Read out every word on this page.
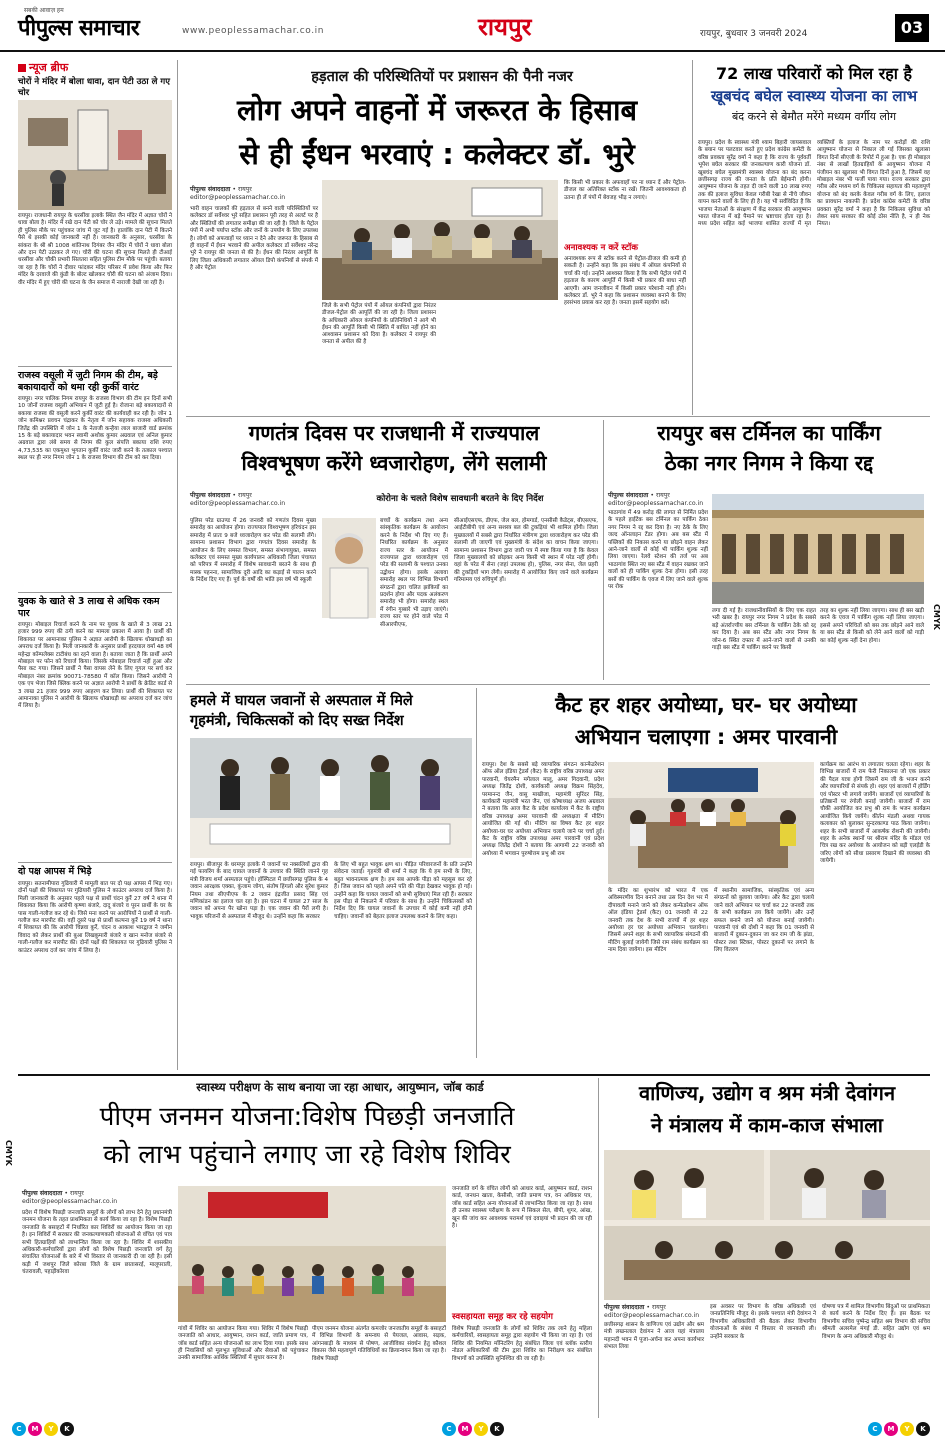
सबकी आवाज़ हम
पीपुल्स समाचार	www.peoplessamachar.co.in	रायपुर	रायपुर, बुधवार 3 जनवरी 2024	03
न्यूज ब्रीफ
चोरों ने मंदिर में बोला धावा, दान पेटी उठा ले गए चोर
रायपुर। राजधानी रायपुर के धरसींवा इलाके स्थित जैन मंदिर में अज्ञात चोरों ने धावा बोला है। मंदिर में रखे दान पेटी को चोर ले उड़े। मामले की सूचना मिलते ही पुलिस मौके पर पहुंचकर जांच में जुट गई है। हालांकि दान पेटी में कितने पैसे थे इसकी कोई जानकारी नहीं है। जानकारी के अनुसार, धरसींवा के सांकरा के श्री श्री 1008 शांतिनाथ दिगंबर जैन मंदिर में चोरों ने धावा बोला और दान पेटी उठाकर ले गए। चोरी की घटना की सूचना मिलते ही टीआई धरसींवा और चौकी प्रभारी सिलतरा सहित पुलिस टीम मौके पर पहुंची। बताया जा रहा है कि चोरों ने दीवार फांदकर मंदिर परिसर में प्रवेश किया और फिर मंदिर के दरवाजे की कुंडी के बोल्ट खोलकर चोरी की घटना को अंजाम दिया। वीर मंदिर में हुए चोरी की घटना के जैन समाज में नाराजी देखी जा रही है।
राजस्व वसूली में जुटी निगम की टीम, बड़े बकायादारों को थमा रही कुर्की वारंट
रायपुर। नगर पालिक निगम रायपुर के राजस्व विभाग की टीम इन दिनों सभी 10 जोनों राजस्व वसूली अभियान में जुटी हुई है। रोजाना बड़े बकायादारों से बकाया राजस्व की वसूली करने कुर्की वारंट की कार्यवाही कर रही है। जोन 1 जोन कमिश्नर प्रवचन चंद्राकर के नेतृत्व में जोन सहायक राजस्व अधिकारी जितेंद्र की उपस्थिति में जोन 1 के नेताजी कन्हैया लाल बाजारी वार्ड क्रमांक 15 के बड़े बकायादार भवन स्वामी अशोक कुमार अग्रवाल एवं अनिल कुमार अग्रवाल द्वारा लंबे समय से निगम की कुल संपत्ति बकाया राशि रुपए 4,73,535 का एकमुश्त भुगतान कुर्की वारंट जारी करने के तत्काल पश्चात स्थल पर ही नगर निगम जोन 1 के राजस्व विभाग की टीम को कर दिया।
युवक के खाते से 3 लाख से अधिक रकम पार
रायपुर। मोबाइल रिचार्ज करने के नाम पर युवक के खाते से 3 लाख 21 हजार 999 रुपए की ठगी करने का मामला प्रकाश में आया है। प्रार्थी की शिकायत पर आमानाका पुलिस ने अज्ञात आरोपी के खिलाफ धोखाधड़ी का अपराध दर्ज किया है। मिली जानकारी के अनुसार प्रार्थी हरदयाल वर्मा 48 वर्ष महेन्द्रा कॉम्पलेक्स टाटीबंध का रहने वाला है। बताया जाता है कि प्रार्थी अपने मोबाइल पर फोन को रिचार्ज किया। जिसके मोबाइल रिचार्ज नहीं हुआ और पैसा कट गया। जिसने प्रार्थी ने पैसा वापस लेने के लिए गूगल पर सर्च कर मोबाइल नंबर क्रमांक 90071-78580 में कॉल किया। जिसने आरोपी ने एक एप भेजा जिसे क्लिक करने पर अज्ञात आरोपी ने प्रार्थी के क्रेडिट कार्ड से 3 लाख 21 हजार 999 रुपए आहरण कर लिया। प्रार्थी की शिकायत पर आमानाका पुलिस ने आरोपी के खिलाफ धोखाधड़ी का अपराध दर्ज कर जांच में लिया है।
दो पक्ष आपस में भिड़े
रायपुर। सतनामीपारा गुढियारी में मामूली बात पर दो पक्ष आपस में भिड़ गए। दोनों पक्षों की शिकायत पर गुढियारी पुलिस ने काउंटर अपराध दर्ज किया है। मिली जानकारी के अनुसार पहले पक्ष से प्रार्थी चंदन कुर्रे 27 वर्ष ने थाना में शिकायत किया कि आरोपी कृष्णा बंजारे, दादू बंजारे व पूरन प्रार्थी के घर के पास गाली-गलौज कर रहे थे। जिसे मना करने पर आरोपियों ने प्रार्थी से गाली-गलौज कर मारपीट की। वहीं दूसरे पक्ष से प्रार्थी कल्पना कुर्रे 19 वर्ष ने थाना में शिकायत की कि आरोपी चिन्नवा कुर्रे, चंदन व आकाश भारद्वाज ने जमीन विवाद को लेकर प्रार्थी की बुआ लिखकुमारी बंजारे व खान मनोज बंजारे से गाली-गलौज कर मारपीट की। दोनों पक्षों की शिकायत पर गुढियारी पुलिस ने काउंटर अपराध दर्ज कर जांच में लिया है।
हड़ताल की परिस्थितियों पर प्रशासन की पैनी नजर
लोग अपने वाहनों में जरूरत के हिसाब
से ही ईंधन भरवाएं : कलेक्टर डॉ. भुरे
पीपुल्स संवाददाता • रायपुर
editor@peoplessamachar.co.in
भारी वाहन चालकों की हड़ताल से बनने वाली परिस्थितियों पर कलेक्टर डॉ सर्वेश्वर भुरे सहित प्रशासन पूरी तरह से अलर्ट पर है और स्थितियों की लगातार समीक्षा की जा रही है। जिले के पेट्रोल पंपों में अभी पर्याप्त स्टॉक और जनों के उपयोग के लिए उपलब्ध है। लोगों को अफवाहों पर ध्यान न देने और जरूरत के हिसाब से ही वाहनों में ईंधन भरवाने की अपील कलेक्टर डॉ सर्वेश्वर नरेन्द्र भुरे ने रायपुर की जनता से की है। ईंधन की निरंतर आपूर्ति के लिए जिला अधिकारी लगातार ऑयल डिपो कंपनियों से संपर्क में है और पेट्रोल
जिले के सभी पेट्रोल पंपों में ऑयल कंपनियों द्वारा निरंतर डीजल-पेट्रोल की आपूर्ति की जा रही है। जिला प्रशासन के अधिकारी ऑयल कंपनियों के प्रतिनिधियों ने आगे भी ईंधन की आपूर्ति किसी भी स्थिति में बाधित नहीं होने का आश्वासन प्रशासन को दिया है। कलेक्टर ने रायपुर की जनता से अपील की है
कि किसी भी प्रकार के अफवाहों पर ना ध्यान दें और पेट्रोल-डीजल का अतिरिक्त स्टॉक ना रखें। जितनी आवश्यकता हो उतना ही लें पंपों में बेवजह भीड़ न लगाएं।
अनावश्यक न करें स्टॉक
अनावश्यक रूप से स्टॉक करने से पेट्रोल-डीजल की कमी हो सकती है। उन्होंने कहा कि इस संबंध में ऑयल कंपनियों से चर्चा की गई। उन्होंने आश्वस्त किया है कि सभी पेट्रोल पंपों में हड़ताल के कारण आपूर्ति में किसी भी प्रकार की बाधा नहीं आएगी। आम जनजीवन में किसी प्रकार परेशानी नहीं होने। कलेक्टर डॉ. भुरे ने कहा कि प्रशासन व्यवस्था बनाने के लिए हरसंभव प्रयास कर रहा है। जनता इसमें सहयोग करें।
72 लाख परिवारों को मिल रहा है
खूबचंद बघेल स्वास्थ्य योजना का लाभ
बंद करने से बेमौत मरेंगे मध्यम वर्गीय लोग
रायपुर। प्रदेश के स्वास्थ्य मंत्री श्याम बिहारी जायसवाल के बयान पर पलटवार करते हुए प्रदेश कांग्रेस कमेटी के वरिष्ठ प्रवक्ता सुरेंद्र वर्मा ने कहा है कि राज्य के पूर्ववर्ती भूपेश बघेल सरकार की जनकल्याण कारी योजना डॉ. खूबचंद बघेल मुख्यमंत्री स्वास्थ्य योजना का बंद करना छत्तीसगढ़ राज्य की जनता के प्रति बेईमानी होगी। आयुष्मान योजना के तहत दी जाने वाली 10 लाख रुपए तक की इलाज सुविधा केवल गरीबी रेखा से नीचे जीवन यापन करने वालों के लिए ही है। यह भी सर्वविदित है कि भाजपा नेताओं के संरक्षण में केंद्र सरकार की आयुष्मान भारत योजना में बड़े पैमाने पर भ्रष्टाचार होता रहा है। मध्य प्रदेश सहित कई भाजपा शासित राज्यों में मृत व्यक्तियों के इलाज के नाम पर करोड़ों की राशि आयुष्मान योजना से निकाल ली गई जिसका खुलासा विगत दिनों सीएजी के रिपोर्ट में हुआ है। एक ही मोबाइल नंबर से लाखों हितग्राहियों के आयुष्मान योजना में पंजीयन का खुलासा भी विगत दिनों हुआ है, जिसमें वह मोबाइल नंबर भी फर्जी पाया गया। राज्य सरकार द्वारा गरीब और मध्यम वर्ग के चिकित्सा सहायता की महत्वपूर्ण योजना को बंद करके केवल गरीब वर्ग के लिए, इलाज का प्रावधान नाकाफी है। प्रदेश कांग्रेस कमेटी के वरिष्ठ प्रवक्ता सुरेंद्र वर्मा ने कहा है कि निकित्सा सुविधा को लेकर साय सरकार की कोई ठोस नीति है, न ही नेक नियत।
गणतंत्र दिवस पर राजधानी में राज्यपाल
विश्वभूषण करेंगे ध्वजारोहण, लेंगे सलामी
पीपुल्स संवाददाता • रायपुर
editor@peoplessamachar.co.in	कोरोना के चलते विशेष सावधानी बरतने के दिए निर्देश
पुलिस परेड ग्राउण्ड में 26 जनवरी को गणतंत्र दिवस मुख्य समारोह का आयोजन होगा। राज्यपाल विश्वभूषण हरिचंदन इस समारोह में प्रातः 9 बजे ध्वजारोहण कर परेड की सलामी लेंगे। सामान्य प्रशासन विभाग द्वारा गणतंत्र दिवस समारोह के आयोजन के लिए समस्त विभाग, समस्त संभागायुक्त, समस्त कलेक्टर एवं समस्त मुख्य कार्यपालन अधिकारी जिला पंचायत को परिपत्र में समारोह में विशेष सावधानी बरतने के साथ ही मास्क पहनना, सामाजिक दूरी आदि का कड़ाई से पालन करने के निर्देश दिए गए हैं। पूर्व के वर्षों की भांति इस वर्ष भी स्कूली
बच्चों के कार्यक्रम तथा अन्य सांस्कृतिक कार्यक्रम के आयोजन करने के निर्देश भी दिए गए हैं। निर्धारित कार्यक्रम के अनुसार राज्य स्तर के आयोजन में राज्यपाल द्वारा ध्वजारोहण एवं परेड की सलामी के पश्चात उनका उद्बोधन होगा। इसके अलावा समारोह स्थल पर विभिन्न विभागों संगठनों द्वारा चलित झांकियों का प्रदर्शन होगा और पदक अलंकरण समारोह भी होगा। समारोह स्थल में रंगीन गुब्बारे भी उड़ाए जाएंगे। राज्य स्तर पर होने वाले परेड में सीआरपीएफ,
सीआईएसएफ, डीएफ, जेल बल, होमगार्ड, एनसीसी कैडेट्स, बीएसएफ, आईटीबीपी एवं अन्य सशस्त्र बल की टुकड़ियां भी शामिल होंगी। जिला मुख्यालयों में सबसे द्वारा निर्धारित मंत्रीगण द्वारा ध्वजारोहण कर परेड की सलामी ली जाएगी एवं मुख्यमंत्री के संदेश का वाचन किया जाएगा। सामान्य प्रशासन विभाग द्वारा जारी पत्र में स्पष्ट किया गया है कि केवल जिला मुख्यालयों को छोड़कर अन्य किसी भी स्थान में परेड नहीं होगी। वहां के परेड में सेना (जहां उपलब्ध हो), पुलिस, नगर सेना, जेल प्रहरी की टुकड़ियों भाग लेंगी। समारोह में आयोजित किए जाने वाले कार्यक्रम गरिमामय एवं रुचिपूर्ण हों।
रायपुर बस टर्मिनल का पार्किंग
ठेका नगर निगम ने किया रद्द
पीपुल्स संवाददाता • रायपुर
editor@peoplessamachar.co.in
भाठागांव में 49 करोड़ की लागत से निर्मित प्रदेश के पहले हाईटेक बस टर्मिनल का पार्किंग ठेका नगर निगम ने रद्द कर दिया है। नए ठेके के लिए जल्द ऑनलाइन टेंडर होगा। अब बस स्टैंड में पब्लिकों की निकास करने या छोड़ने वाहन लेकर आने-जाने वालों से कोई भी पार्किंग शुल्क नहीं लिया जाएगा। रेलवे स्टेशन की तर्ज पर अब भाठागांव स्थित नए बस स्टैंड में वाहन रखकर जाने वालों को ही पार्किंग शुल्क देना होगा। इसी तरह बसों की पार्किंग के एवज में लिए जाने वाले शुल्क पर रोक
लगा दी गई है। राजधानीवासियों के लिए एक राहत भरी खबर है। रायपुर नगर निगम ने प्रदेश के सबसे बड़े अंतर्राज्यीय बस टर्मिनल के पार्किंग ठेके को रद्द कर दिया है। अब बस स्टैंड और नगर निगम के जोन-6 स्थित दफ्तर में आने-जाने वालों से उनकी गाड़ी बस स्टैंड में पार्किंग करने पर किसी
तरह का शुल्क नहीं लिया जाएगा। साथ ही बस खड़ी करने के एवज में पार्किंग शुल्क नहीं लिया जाएगा। इससे अपने परिचितों को बस तक छोड़ने आने वाले या बस स्टैंड से किसी को लेने आने वालों को गाड़ी का कोई शुल्क नहीं देना होगा।
CMYK
हमले में घायल जवानों से अस्पताल में मिले
गृहमंत्री, चिकित्सकों को दिए सख्त निर्देश
रायपुर। बीजापुर के धरमपुर इलाके में जवानों पर नक्सलियों द्वारा की गई फायरिंग के बाद घायल जवानों के उपचार की स्थिति जानने गृह मंत्री विजय शर्मा अस्पताल पहुंचे। हॉस्पिटल में छत्तीसगढ़ पुलिस के 4 जवान आरक्षक एक्का, कुंजाम जोगा, संतोष हिंगलो और सुरेश कुमार नियम तथा सीएपीएफ के 2 जवान इंद्रजीत प्रसाद सिंह एवं मणिकांडन का इलाज चल रहा है। इस घटना में घायल 27 साल के जवान को अपना पैर खोना पड़ा है। एक जवान की पैरों लगी है। भावुक परिजनों से अस्पताल में मौजूद थे। उन्होंने कहा कि सरकार
के लिए भी बहुत भावुक क्षण था। पीड़ित परिवारजनों के प्रति उन्होंने संवेदना जताई। गृहमंत्री श्री शर्मा ने कहा कि ये हम सभी के लिए, बहुत भावनात्मक क्षण है। हम सब आपके पीड़ा को महसूस कर रहे हैं। जिस जवान को पहले अपने पति की पीड़ा देखकर भावुक हो गईं। उन्होंने कहा कि घायल जवानों को सभी सुविधाएं मिल रही हैं। सरकार इस पीड़ा से निकलने में परिवार के साथ है। उन्होंने चिकित्सकों को निर्देश दिए कि घायल जवानों के उपचार में कोई कमी नहीं होनी चाहिए। जवानों को बेहतर इलाज उपलब्ध कराने के लिए कहा।
कैट हर शहर अयोध्या, घर- घर अयोध्या
अभियान चलाएगा : अमर पारवानी
रायपुर। देश के सबसे बड़े व्यापारिक संगठन कान्फेडरेशन ऑफ ऑल इंडिया ट्रेडर्स (कैट) के राष्ट्रीय वरिष्ठ उपाध्यक्ष अमर पारवानी, चेयरमैन मगेलाल मालू, अमर गिदवानी, प्रदेश अध्यक्ष जितेंद्र दोशी, कार्यकारी अध्यक्ष विक्रम सिंहदेव, परमानन्द जैन, वासु माखीजा, महामंत्री सुरिंदर सिंह, कार्यकारी महामंत्री भरत जैन, एवं कोषाध्यक्ष अजय अग्रवाल ने बताया कि आज कैट के प्रदेश कार्यालय में कैट के राष्ट्रीय वरिष्ठ उपाध्यक्ष अमर पारवानी की अध्यक्षता में मीटिंग आयोजित की गई थी। मीटिंग का विषय कैट हर शहर अयोध्या-घर घर अयोध्या अभियान चलाये जाने पर चर्चा हुई। कैट के राष्ट्रीय वरिष्ठ उपाध्यक्ष अमर पारवानी एवं प्रदेश अध्यक्ष जितेंद्र दोशी ने बताया कि आगामी 22 जनवरी को अयोध्या में भगवान पुरुषोत्तम प्रभु श्री राम
के मंदिर का शुभारंभ को भारत में एक अविस्मरणीय दिन बनाने तथा उस दिन देश भर में दीपावली मनाने जाने को लेकर कन्फेडरेशन ऑफ ऑल इंडिया ट्रेडर्स (कैट) 01 जनवरी से 22 जनवरी तक देश के सभी राज्यों में हर शहर अयोध्या हर घर अयोध्या अभियान चलायेगा। जिसमें अपने शहर के सभी व्यापारिक संगठनों की मीटिंग बुलाई जायेगी जिसे राम संबंध कार्यक्रम का नाम दिया जायेगा। इस मीटिंग
में स्थानीय सामाजिक, सांस्कृतिक एवं अन्य संगठनों को बुलाया जायेगा। और कैट द्वारा चलाये जाने वाले अभियान पर चर्चा कर 22 जनवरी तक के सभी कार्यक्रम तय किये जायेंगे। और उन्हें सफल बनाने जाने को योजना बनाई जायेगी। पारवानी एवं श्री दोशी ने कहा कि 01 जनवरी से बाजारों में दुकान-दुकान जा कर राम जी के झंडा, पोस्टर तथा स्टिकर, पोस्टर दुकानों पर लगाने के लिए वितरण
कार्यक्रम का आरंभ या लगातार चलता रहेगा। शहर के विभिन्न बाजारों में राम फेरी निकालना जो एक प्रकार की पैदल यात्रा होगी जिसमें राम जी के भजन करने और व्यापारियों से संपर्क हो। शहर एवं बाजारों में होर्डिंग एवं पोस्टर भी लगाये जायेंगे। बाजारों एवं व्यापारियों के प्रतिष्ठानों पर रंगोली बनाई जायेगी। बाजारों में राम चौकी आयोजित कर प्रभु श्री राम के भजन कार्यक्रम आयोजित किये जायेंगे। कीर्तन मंडली अथवा गायक कलाकार को बुलाकर सुन्दरकाण्ड पाठ किया जायेगा। शहर के सभी बाजारों में आकर्षक रोशनी की जायेगी। शहर के अनेक स्थानों पर श्रीराम मंदिर के मॉडल एवं चित्र रख कर अयोध्या के आयोजन को बड़ी एलईडी के जरिए लोगों को सीधा प्रसारण दिखाने की व्यवस्था की जायेगी।
स्वास्थ्य परीक्षण के साथ बनाया जा रहा आधार, आयुष्मान, जॉब कार्ड
पीएम जनमन योजना:विशेष पिछड़ी जनजाति
को लाभ पहुंचाने लगाए जा रहे विशेष शिविर
पीपुल्स संवाददाता • रायपुर
editor@peoplessamachar.co.in
प्रदेश में विशेष पिछड़ी जनजाति समूहों के लोगों को लाभ देने हेतु प्रधानमंत्री जनमन योजना के तहत प्राथमिकता से कार्य किया जा रहा है। विशेष पिछड़ी जनजाति के बसाहटों में निर्धारित कार शिविरों का आयोजन किया जा रहा है। इन शिविरों में सरकार की जनकल्याणकारी योजनाओं से वंचित एवं पात्र सभी हितग्राहियों को लाभान्वित किया जा रहा है। शिविर में शासकीय अधिकारी-कर्मचारियों द्वारा लोगों को विशेष पिछड़ी जनजाति वर्ग हेतु संचालित योजनाओं के बारे में भी विस्तार से जानकारी दी जा रही है। इसी कड़ी में जशपुर जिले कोरबा जिले के ग्राम छातासरई, मालूपराली, चंतरावली, पहाड़ीकोरवा
गांवों में शिविर का आयोजन किया गया। शिविर में विशेष पिछड़ी जनजाति को आधार, आयुष्मान, राशन कार्ड, जाति प्रमाण पत्र, जॉब कार्ड सहित अन्य योजनाओं का लाभ दिया गया। इसके साथ ही निवासियों को मूलभूत सुविधाओं और सेवाओं को पहुंचाकर उनकी सामाजिक आर्थिक स्थितियों में सुधार करना है।
पीएम जनमन योजना अंतर्गत कमजोर जनजातीय समूहों के बसाहटों में विभिन्न विभागों के समन्वय से पेयजल, आवास, सड़क, आंगनबाड़ी के माध्यम से पोषण, आजीविका संवर्धन हेतु कौशल विकास जैसे महत्वपूर्ण गतिविधियों का क्रियान्वयन किया जा रहा है। विशेष पिछड़ी
जनजाति वर्ग के वंचित लोगों को आधार कार्ड, आयुष्मान कार्ड, राशन कार्ड, जनधन खाता, केसीसी, जाति प्रमाण पत्र, वन अधिकार पत्र, जॉब कार्ड सहित अन्य योजनाओं से लाभान्वित किया जा रहा है। साथ ही उनका स्वास्थ्य परीक्षण के रूप में सिकल सेल, बीपी, शुगर, आंख, खून की जांच कर आवश्यक परामर्श एवं दवाइयां भी प्रदान की जा रही है।
स्वसहायता समूह कर रहे सहयोग
विशेष पिछड़ी जनजाति के लोगों को शिविर तक लाने हेतु महिला कर्मचारियों, स्वसहायता समूह द्वारा सहयोग भी किया जा रहा है। एवं शिविर की नियमित मॉनिटरिंग हेतु संबंधित जिला एवं ब्लॉक स्तरीय नोडल अधिकारियों की टीम द्वारा शिविर का निरीक्षण कर संबंधित विभागों को उपस्थिति सुनिश्चित की जा रही है।
CMYK
वाणिज्य, उद्योग व श्रम मंत्री देवांगन
ने मंत्रालय में काम-काज संभाला
पीपुल्स संवाददाता • रायपुर
editor@peoplessamachar.co.in
छत्तीसगढ़ शासन के वाणिज्य एवं उद्योग और श्रम मंत्री लखनलाल देवांगन ने आज यहां मंत्रालय महानदी भवन में पूजा-अर्चना कर अपना कार्यभार संभाल लिया
इस अवसर पर विभाग के वरिष्ठ अधिकारी एवं जनप्रतिनिधि मौजूद थे। इसके पश्चात मंत्री देवांगन ने विभागीय अधिकारियों की बैठक लेकर विभागीय योजनाओं के संबंध में विस्तार से जानकारी ली। उन्होंने सरकार के
घोषणा पत्र में शामिल विभागीय बिंदुओं पर प्राथमिकता से कार्य करने के निर्देश दिए हैं। इस बैठक पर विभागीय सचिव पुष्पेन्द्र सहित श्रम विभाग की सचिव श्रीमती अलरमेल मंगई डी. सहित उद्योग एवं श्रम विभाग के अन्य अधिकारी मौजूद थे।
C	M	Y	K	C	M	Y	K	C	M	Y	K
